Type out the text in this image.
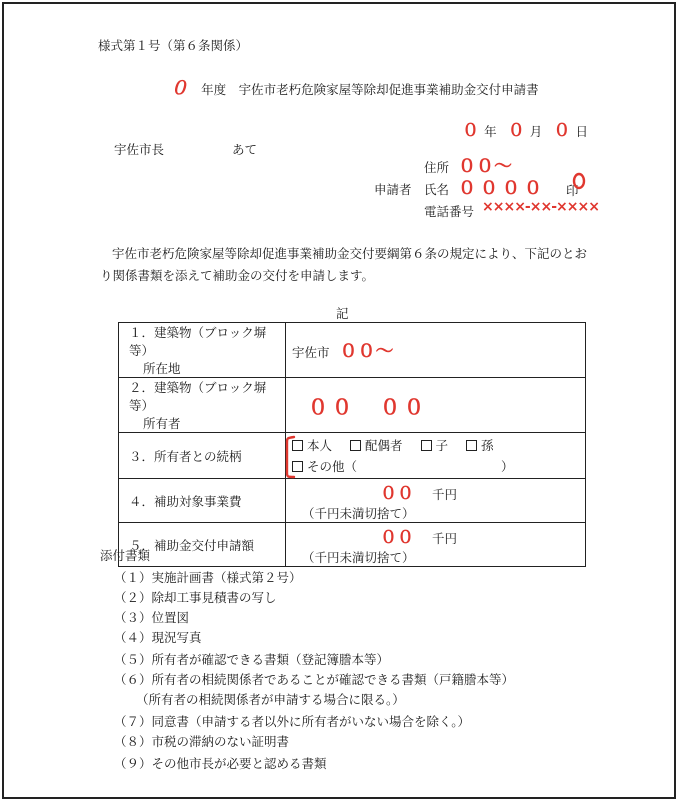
様式第１号（第６条関係）
０ 年度　宇佐市老朽危険家屋等除却促進事業補助金交付申請書
０ 年 ０ 月 ０ 日
宇佐市長	あて
住所 ００〜
申請者 氏名 ００００ 印
電話番号 ××××-××-××××
宇佐市老朽危険家屋等除却促進事業補助金交付要綱第６条の規定により、下記のとお
り関係書類を添えて補助金の交付を申請します。
記
１．建築物（ブロック塀等）
所在地	宇佐市 ００〜

２．建築物（ブロック塀等）
所有者	００　００
３．所有者との続柄	本人 配偶者 子 孫
その他（ ）

４．補助対象事業費	００ 千円 （千円未満切捨て）
５．補助金交付申請額	００ 千円 （千円未満切捨て）
添付書類
（１）実施計画書（様式第２号）
（２）除却工事見積書の写し
（３）位置図
（４）現況写真
（５）所有者が確認できる書類（登記簿謄本等）
（６）所有者の相続関係者であることが確認できる書類（戸籍謄本等）
（所有者の相続関係者が申請する場合に限る。）
（７）同意書（申請する者以外に所有者がいない場合を除く。）
（８）市税の滞納のない証明書
（９）その他市長が必要と認める書類
